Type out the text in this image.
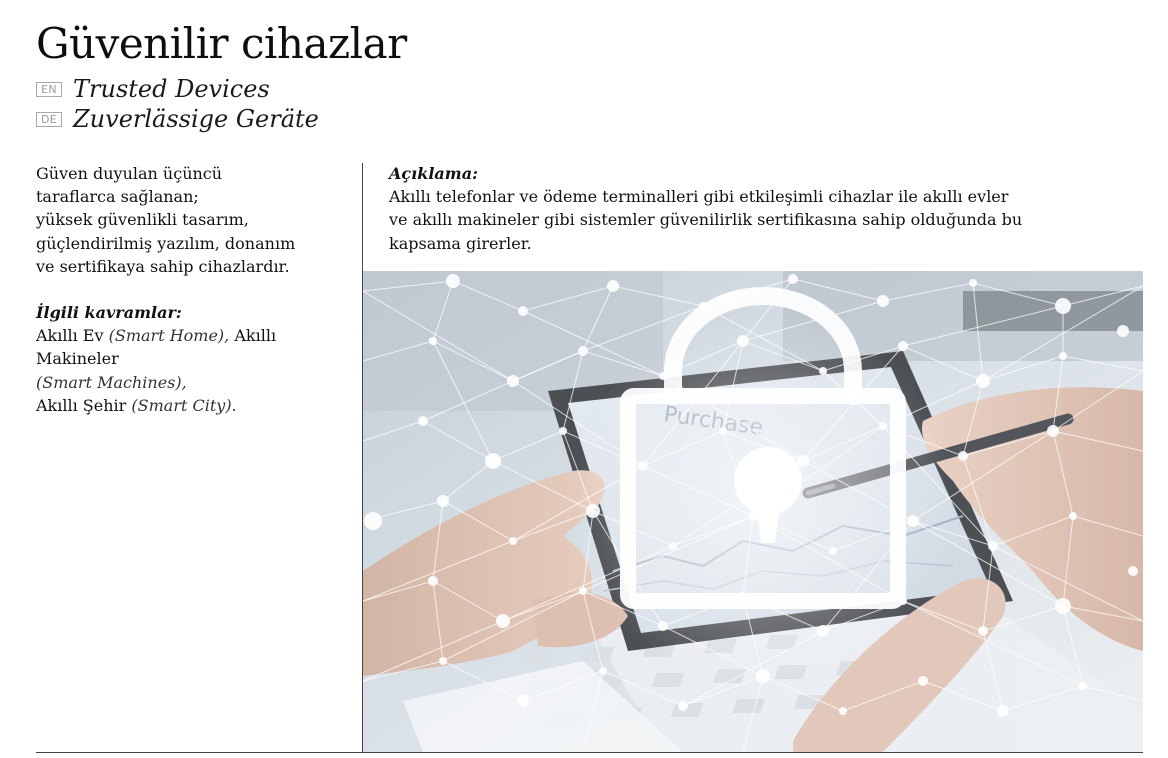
Güvenilir cihazlar
EN Trusted Devices
DE Zuverlässige Geräte

Güven duyulan üçüncü
taraflarca sağlanan;
yüksek güvenlikli tasarım,
güçlendirilmiş yazılım, donanım
ve sertifikaya sahip cihazlardır.

İlgili kavramlar:

Akıllı Ev (Smart Home), Akıllı Makineler
(Smart Machines),
Akıllı Şehir (Smart City).

Açıklama:

Akıllı telefonlar ve ödeme terminalleri gibi etkileşimli cihazlar ile akıllı evler
ve akıllı makineler gibi sistemler güvenilirlik sertifikasına sahip olduğunda bu
kapsama girerler.
